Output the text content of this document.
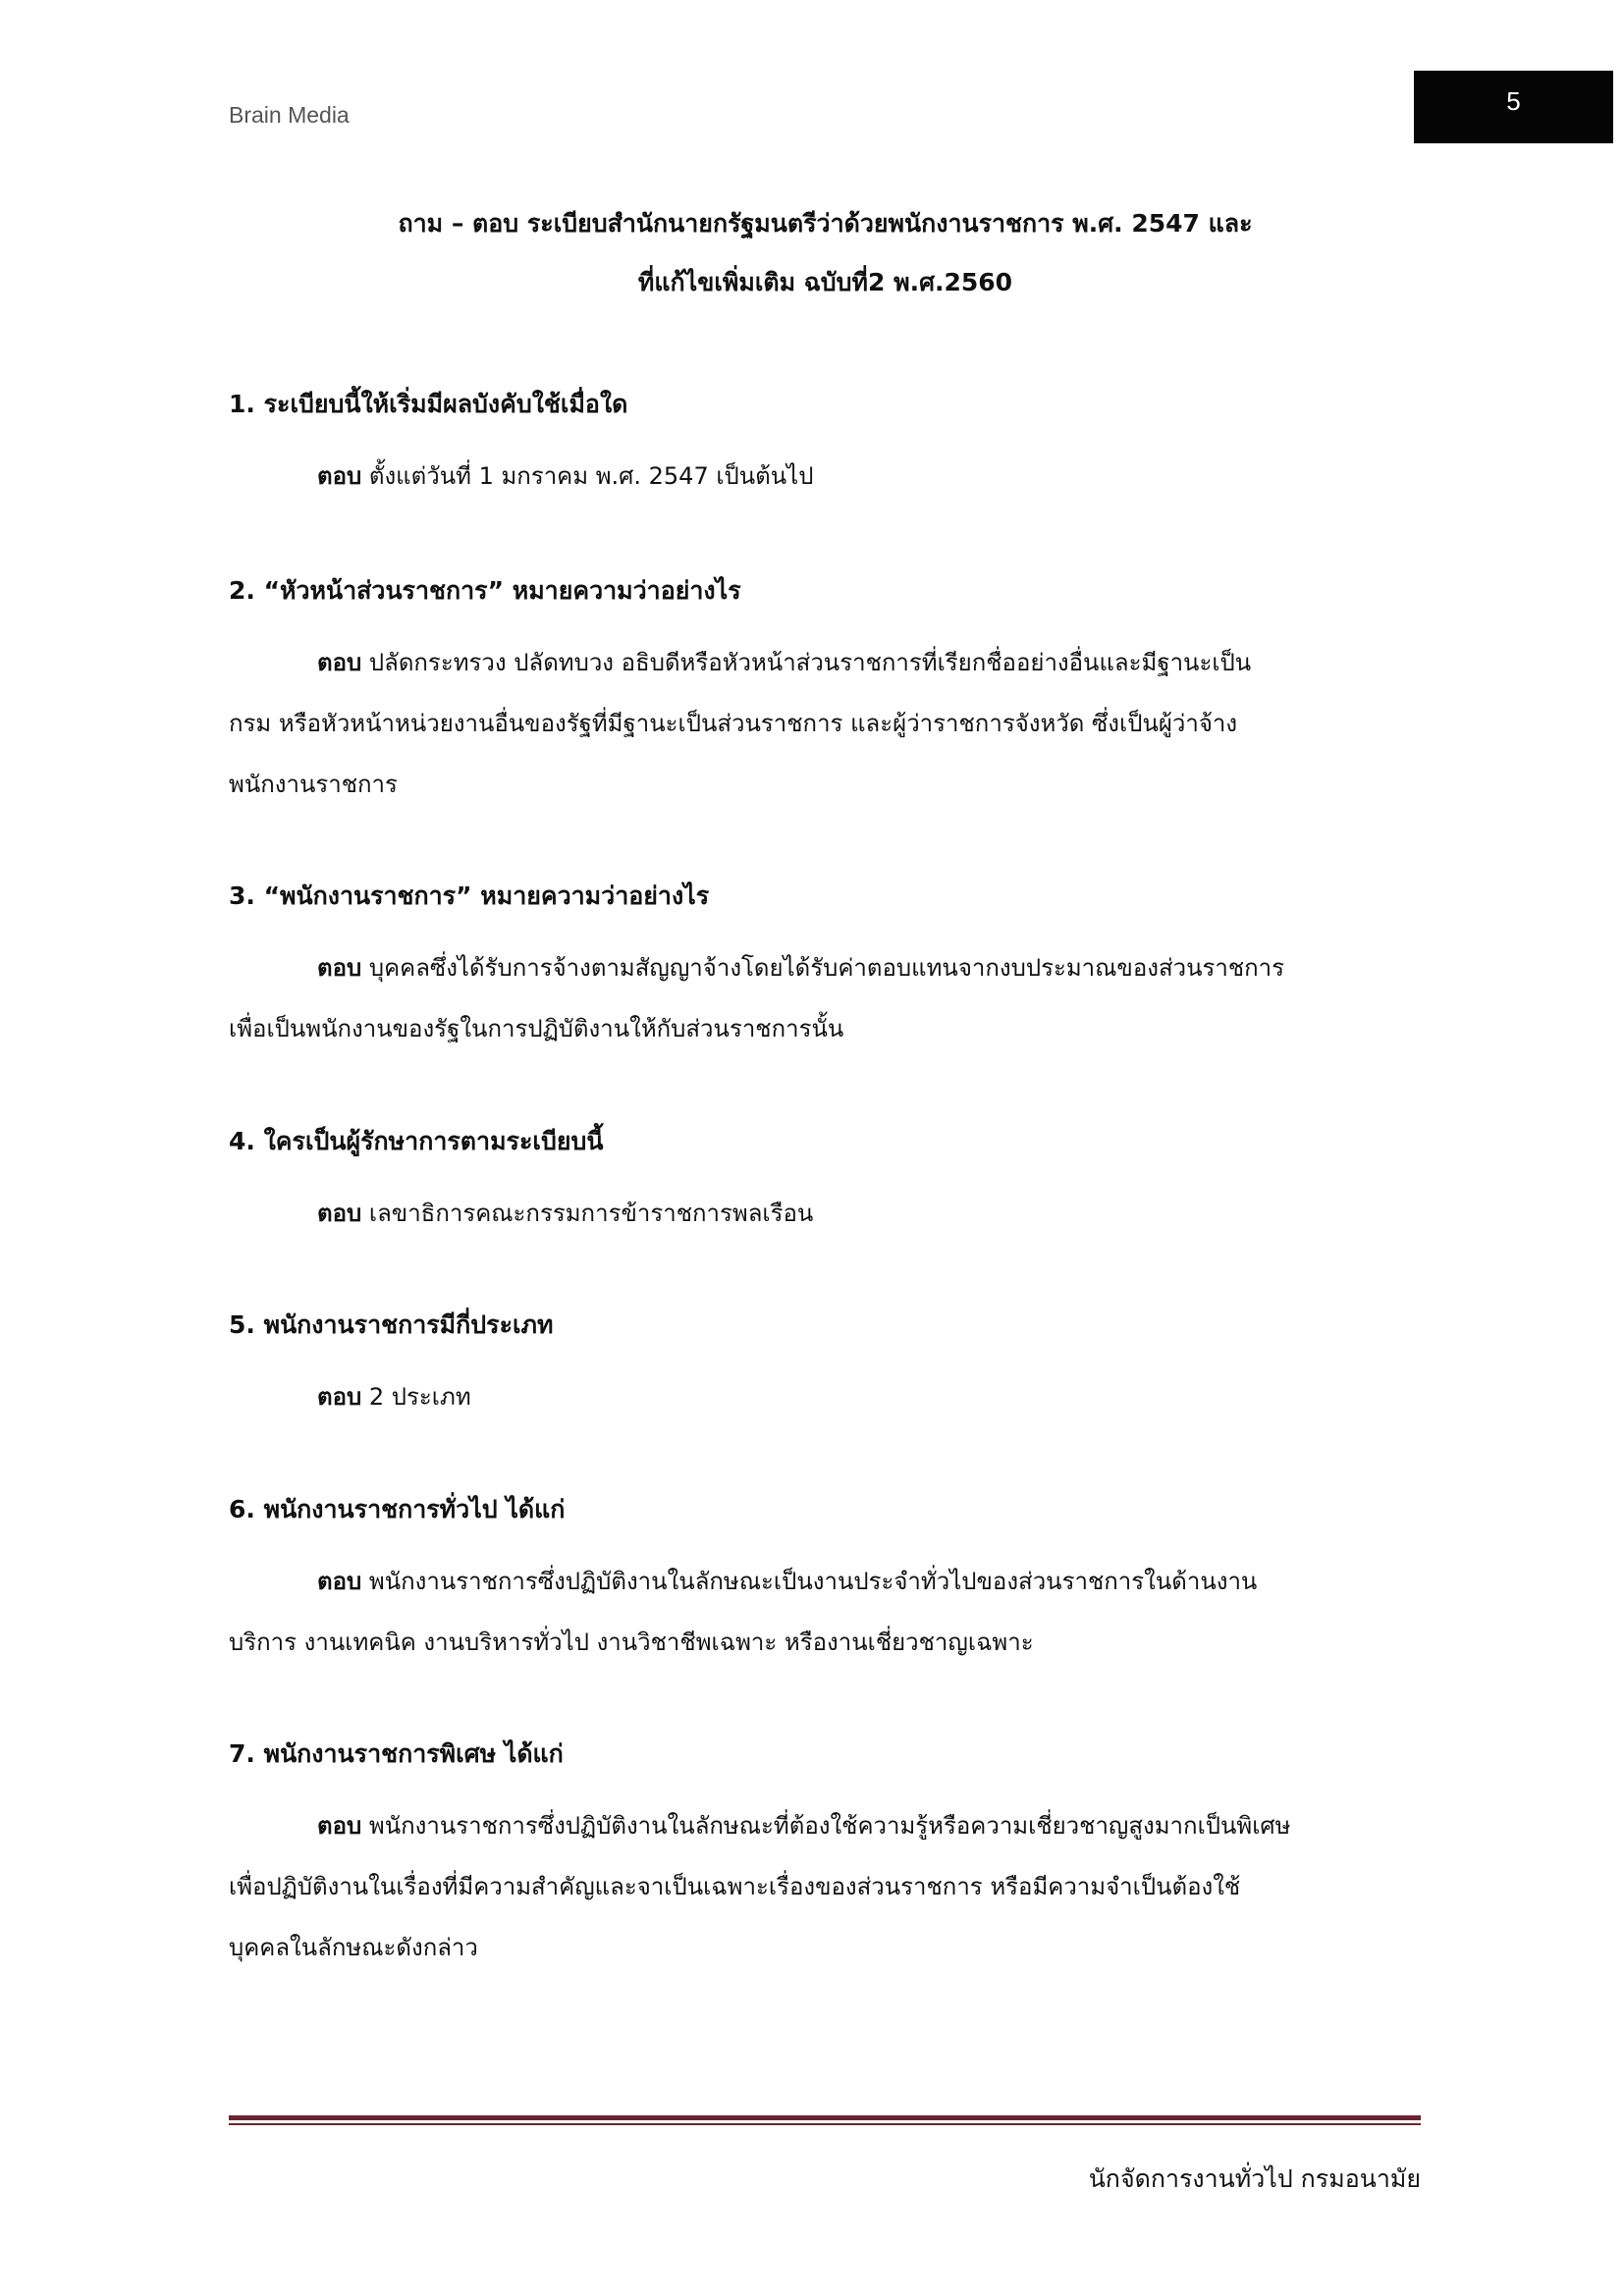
Brain Media	5
ถาม – ตอบ ระเบียบสำนักนายกรัฐมนตรีว่าด้วยพนักงานราชการ พ.ศ. 2547 และ
ที่แก้ไขเพิ่มเติม ฉบับที่2 พ.ศ.2560

1. ระเบียบนี้ให้เริ่มมีผลบังคับใช้เมื่อใด

ตอบ ตั้งแต่วันที่ 1 มกราคม พ.ศ. 2547 เป็นต้นไป

2. “หัวหน้าส่วนราชการ” หมายความว่าอย่างไร

ตอบ ปลัดกระทรวง ปลัดทบวง อธิบดีหรือหัวหน้าส่วนราชการที่เรียกชื่ออย่างอื่นและมีฐานะเป็น
กรม หรือหัวหน้าหน่วยงานอื่นของรัฐที่มีฐานะเป็นส่วนราชการ และผู้ว่าราชการจังหวัด ซึ่งเป็นผู้ว่าจ้าง
พนักงานราชการ

3. “พนักงานราชการ” หมายความว่าอย่างไร

ตอบ บุคคลซึ่งได้รับการจ้างตามสัญญาจ้างโดยได้รับค่าตอบแทนจากงบประมาณของส่วนราชการ
เพื่อเป็นพนักงานของรัฐในการปฏิบัติงานให้กับส่วนราชการนั้น

4. ใครเป็นผู้รักษาการตามระเบียบนี้

ตอบ เลขาธิการคณะกรรมการข้าราชการพลเรือน

5. พนักงานราชการมีกี่ประเภท

ตอบ 2 ประเภท

6. พนักงานราชการทั่วไป ได้แก่

ตอบ พนักงานราชการซึ่งปฏิบัติงานในลักษณะเป็นงานประจำทั่วไปของส่วนราชการในด้านงาน
บริการ งานเทคนิค งานบริหารทั่วไป งานวิชาชีพเฉพาะ หรืองานเชี่ยวชาญเฉพาะ

7. พนักงานราชการพิเศษ ได้แก่

ตอบ พนักงานราชการซึ่งปฏิบัติงานในลักษณะที่ต้องใช้ความรู้หรือความเชี่ยวชาญสูงมากเป็นพิเศษ
เพื่อปฏิบัติงานในเรื่องที่มีความสำคัญและจาเป็นเฉพาะเรื่องของส่วนราชการ หรือมีความจำเป็นต้องใช้
บุคคลในลักษณะดังกล่าว

นักจัดการงานทั่วไป กรมอนามัย
